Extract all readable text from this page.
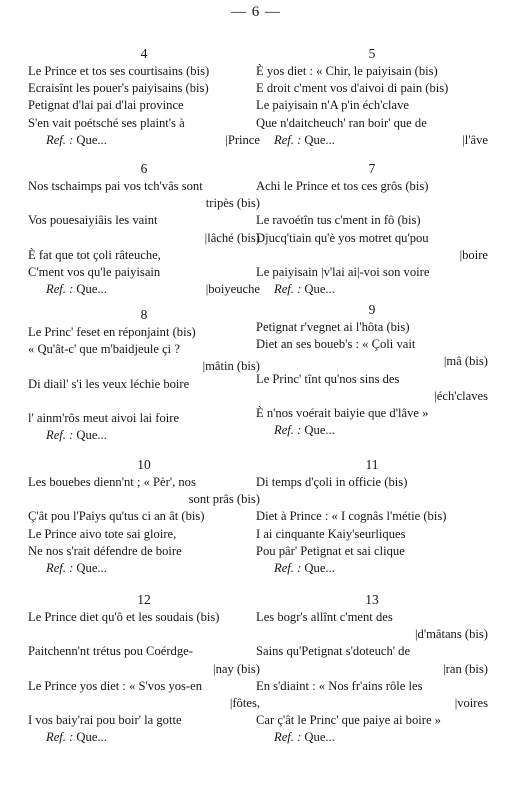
— 6 —
4
Le Prince et tos ses courtisains (bis)
Ecraisînt les pouer's paiyisains (bis)
Petignat d'lai pai d'lai province
S'en vait poétsché ses plaint's à
Ref. : Que...	|Prince
6
Nos tschaimps pai vos tch'vâs sont
tripès (bis)
Vos pouesaiyiâis les vaint
|lâché (bis)
È fat que tot çoli râteuche,
C'ment vos qu'le paiyisain
Ref. : Que...	|boiyeuche
8
Le Princ' feset en réponjaint (bis)
« Qu'ât-c' que m'baidjeule çi ?
|mâtin (bis)
Di diail' s'i les veux léchie boire
l' ainm'rôs meut aivoi lai foire
Ref. : Que...
10
Les bouebes dienn'nt ; « Pèr', nos
sont prâs (bis)
Ç'ât pou l'Paiys qu'tus ci an ât (bis)
Le Prince aivo tote sai gloire,
Ne nos s'rait défendre de boire
Ref. : Que...
12
Le Prince diet qu'ô et les soudais (bis)
Paitchenn'nt trétus pou Coérdge-
|nay (bis)
Le Prince yos diet : « S'vos yos-en
|fôtes,
I vos baiy'rai pou boir' la gotte
Ref. : Que...
5
È yos diet : « Chir, le paiyisain (bis)
E droit c'ment vos d'aivoi di pain (bis)
Le paiyisain n'A p'in éch'clave
Que n'daitcheuch' ran boir' que de
Ref. : Que...	|l'âve
7
Achi le Prince et tos ces grôs (bis)
Le ravoétîn tus c'ment in fô (bis)
Djucq'tiain qu'è yos motret qu'pou
|boire
Le paiyisain |v'lai ai|-voi son voire
Ref. : Que...
9
Petignat r'vegnet ai l'hôta (bis)
Diet an ses boueb's : « Çoli vait
|mâ (bis)
Le Princ' tînt qu'nos sins des
|éch'claves
È n'nos voérait baiyie que d'lâve »
Ref. : Que...
11
Di temps d'çoli in officie (bis)
Diet à Prince : « I cognâs l'métie (bis)
I ai cinquante Kaiy'seurliques
Pou pâr' Petignat et sai clique
Ref. : Que...
13
Les bogr's allînt c'ment des
|d'mâtans (bis)
Sains qu'Petignat s'doteuch' de
|ran (bis)
En s'diaint : « Nos fr'ains rôle les
|voires
Car ç'ât le Princ' que paiye ai boire »
Ref. : Que...
